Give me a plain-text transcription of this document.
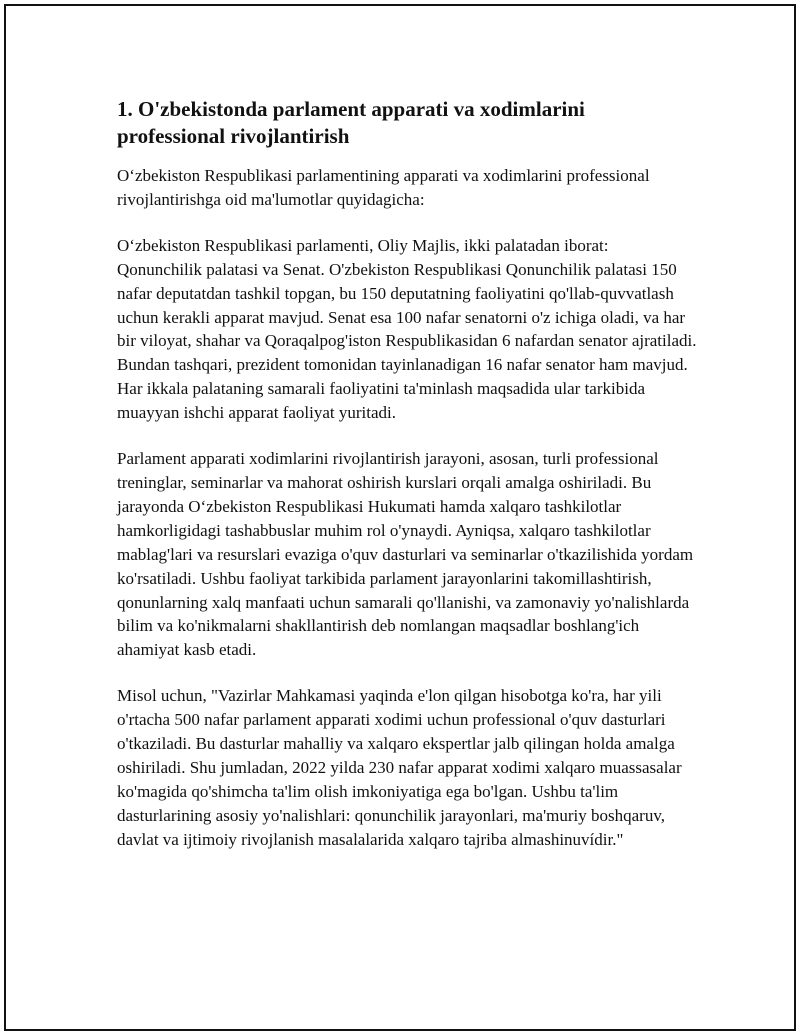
1. O'zbekistonda parlament apparati va xodimlarini professional rivojlantirish

O‘zbekiston Respublikasi parlamentining apparati va xodimlarini professional rivojlantirishga oid ma'lumotlar quyidagicha:

O‘zbekiston Respublikasi parlamenti, Oliy Majlis, ikki palatadan iborat: Qonunchilik palatasi va Senat. O'zbekiston Respublikasi Qonunchilik palatasi 150 nafar deputatdan tashkil topgan, bu 150 deputatning faoliyatini qo'llab-quvvatlash uchun kerakli apparat mavjud. Senat esa 100 nafar senatorni o'z ichiga oladi, va har bir viloyat, shahar va Qoraqalpog'iston Respublikasidan 6 nafardan senator ajratiladi. Bundan tashqari, prezident tomonidan tayinlanadigan 16 nafar senator ham mavjud. Har ikkala palataning samarali faoliyatini ta'minlash maqsadida ular tarkibida muayyan ishchi apparat faoliyat yuritadi.

Parlament apparati xodimlarini rivojlantirish jarayoni, asosan, turli professional treninglar, seminarlar va mahorat oshirish kurslari orqali amalga oshiriladi. Bu jarayonda O‘zbekiston Respublikasi Hukumati hamda xalqaro tashkilotlar hamkorligidagi tashabbuslar muhim rol o'ynaydi. Ayniqsa, xalqaro tashkilotlar mablag'lari va resurslari evaziga o'quv dasturlari va seminarlar o'tkazilishida yordam ko'rsatiladi. Ushbu faoliyat tarkibida parlament jarayonlarini takomillashtirish, qonunlarning xalq manfaati uchun samarali qo'llanishi, va zamonaviy yo'nalishlarda bilim va ko'nikmalarni shakllantirish deb nomlangan maqsadlar boshlang'ich ahamiyat kasb etadi.

Misol uchun, "Vazirlar Mahkamasi yaqinda e'lon qilgan hisobotga ko'ra, har yili o'rtacha 500 nafar parlament apparati xodimi uchun professional o'quv dasturlari o'tkaziladi. Bu dasturlar mahalliy va xalqaro ekspertlar jalb qilingan holda amalga oshiriladi. Shu jumladan, 2022 yilda 230 nafar apparat xodimi xalqaro muassasalar ko'magida qo'shimcha ta'lim olish imkoniyatiga ega bo'lgan. Ushbu ta'lim dasturlarining asosiy yo'nalishlari: qonunchilik jarayonlari, ma'muriy boshqaruv, davlat va ijtimoiy rivojlanish masalalarida xalqaro tajriba almashinuvídir."
